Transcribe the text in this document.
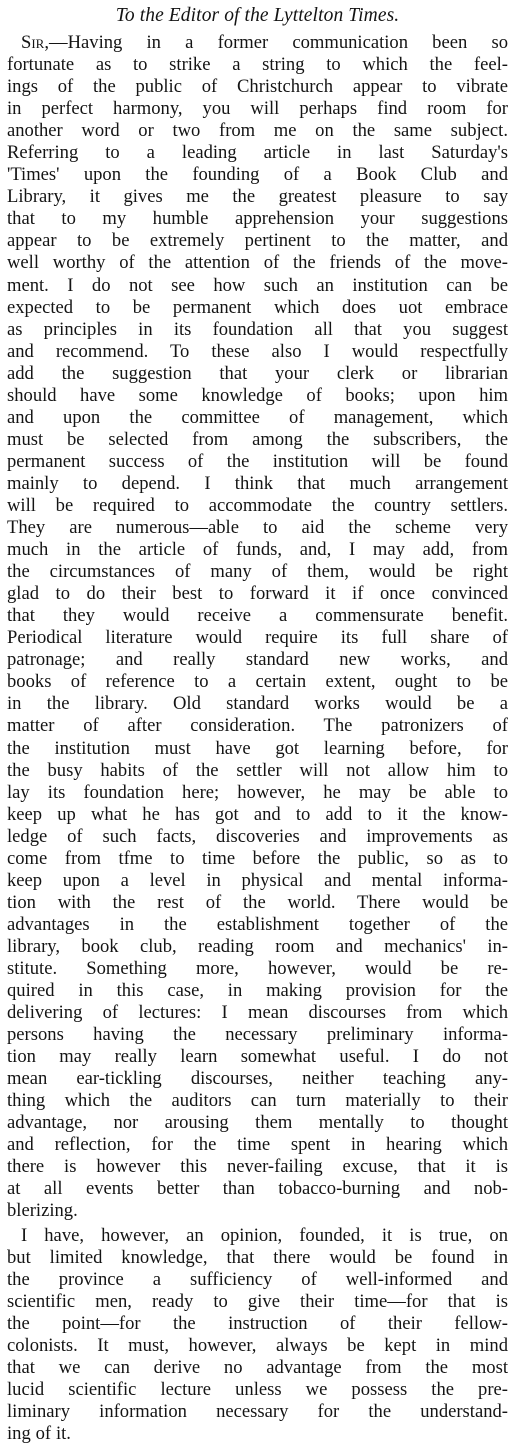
To the Editor of the Lyttelton Times.
Sir,—Having in a former communication been so
fortunate as to strike a string to which the feel-
ings of the public of Christchurch appear to vibrate
in perfect harmony, you will perhaps find room for
another word or two from me on the same subject.
Referring to a leading article in last Saturday's
'Times' upon the founding of a Book Club and
Library, it gives me the greatest pleasure to say
that to my humble apprehension your suggestions
appear to be extremely pertinent to the matter, and
well worthy of the attention of the friends of the move-
ment. I do not see how such an institution can be
expected to be permanent which does uot embrace
as principles in its foundation all that you suggest
and recommend. To these also I would respectfully
add the suggestion that your clerk or librarian
should have some knowledge of books; upon him
and upon the committee of management, which
must be selected from among the subscribers, the
permanent success of the institution will be found
mainly to depend. I think that much arrangement
will be required to accommodate the country settlers.
They are numerous—able to aid the scheme very
much in the article of funds, and, I may add, from
the circumstances of many of them, would be right
glad to do their best to forward it if once convinced
that they would receive a commensurate benefit.
Periodical literature would require its full share of
patronage; and really standard new works, and
books of reference to a certain extent, ought to be
in the library. Old standard works would be a
matter of after consideration. The patronizers of
the institution must have got learning before, for
the busy habits of the settler will not allow him to
lay its foundation here; however, he may be able to
keep up what he has got and to add to it the know-
ledge of such facts, discoveries and improvements as
come from tfme to time before the public, so as to
keep upon a level in physical and mental informa-
tion with the rest of the world. There would be
advantages in the establishment together of the
library, book club, reading room and mechanics' in-
stitute. Something more, however, would be re-
quired in this case, in making provision for the
delivering of lectures: I mean discourses from which
persons having the necessary preliminary informa-
tion may really learn somewhat useful. I do not
mean ear-tickling discourses, neither teaching any-
thing which the auditors can turn materially to their
advantage, nor arousing them mentally to thought
and reflection, for the time spent in hearing which
there is however this never-failing excuse, that it is
at all events better than tobacco-burning and nob-
blerizing.
I have, however, an opinion, founded, it is true, on
but limited knowledge, that there would be found in
the province a sufficiency of well-informed and
scientific men, ready to give their time—for that is
the point—for the instruction of their fellow-
colonists. It must, however, always be kept in mind
that we can derive no advantage from the most
lucid scientific lecture unless we possess the pre-
liminary information necessary for the understand-
ing of it.
